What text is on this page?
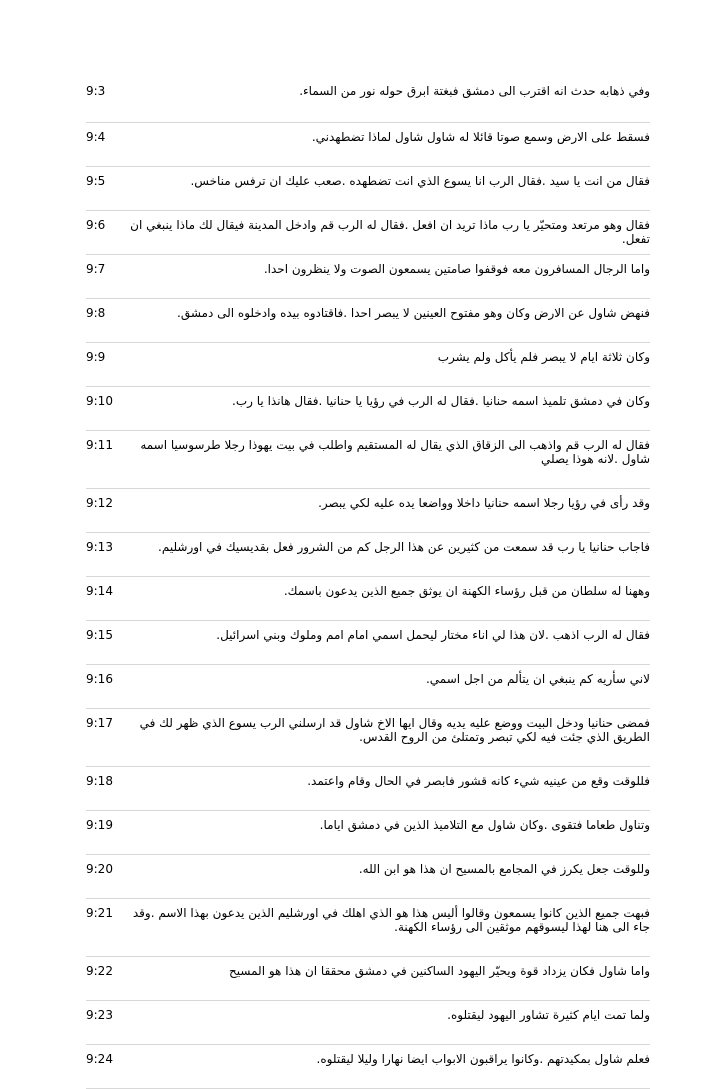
9:3	وفي ذهابه حدث انه اقترب الى دمشق فبغتة ابرق حوله نور من السماء.
9:4	فسقط على الارض وسمع صوتا قائلا له شاول شاول لماذا تضطهدني.
9:5	فقال من انت يا سيد .فقال الرب انا يسوع الذي انت تضطهده .صعب عليك ان ترفس مناخس.
9:6	فقال وهو مرتعد ومتحيّر يا رب ماذا تريد ان افعل .فقال له الرب قم وادخل المدينة فيقال لك ماذا ينبغي ان تفعل.
9:7	واما الرجال المسافرون معه فوقفوا صامتين يسمعون الصوت ولا ينظرون احدا.
9:8	فنهض شاول عن الارض وكان وهو مفتوح العينين لا يبصر احدا .فاقتادوه بيده وادخلوه الى دمشق.
9:9	وكان ثلاثة ايام لا يبصر فلم يأكل ولم يشرب
9:10	وكان في دمشق تلميذ اسمه حنانيا .فقال له الرب في رؤيا يا حنانيا .فقال هانذا يا رب.
9:11	فقال له الرب قم واذهب الى الزقاق الذي يقال له المستقيم واطلب في بيت يهوذا رجلا طرسوسيا اسمه شاول .لانه هوذا يصلي
9:12	وقد رأى في رؤيا رجلا اسمه حنانيا داخلا وواضعا يده عليه لكي يبصر.
9:13	فاجاب حنانيا يا رب قد سمعت من كثيرين عن هذا الرجل كم من الشرور فعل بقديسيك في اورشليم.
9:14	وههنا له سلطان من قبل رؤساء الكهنة ان يوثق جميع الذين يدعون باسمك.
9:15	فقال له الرب اذهب .لان هذا لي اناء مختار ليحمل اسمي امام امم وملوك وبني اسرائيل.
9:16	لاني سأريه كم ينبغي ان يتألم من اجل اسمي.
9:17	فمضى حنانيا ودخل البيت ووضع عليه يديه وقال ايها الاخ شاول قد ارسلني الرب يسوع الذي ظهر لك في الطريق الذي جئت فيه لكي تبصر وتمتلئ من الروح القدس.
9:18	فللوقت وقع من عينيه شيء كانه قشور فابصر في الحال وقام واعتمد.
9:19	وتناول طعاما فتقوى .وكان شاول مع التلاميذ الذين في دمشق اياما.
9:20	وللوقت جعل يكرز في المجامع بالمسيح ان هذا هو ابن الله.
9:21	فبهت جميع الذين كانوا يسمعون وقالوا أليس هذا هو الذي اهلك في اورشليم الذين يدعون بهذا الاسم .وقد جاء الى هنا لهذا ليسوقهم موثقين الى رؤساء الكهنة.
9:22	واما شاول فكان يزداد قوة ويحيّر اليهود الساكنين في دمشق محققا ان هذا هو المسيح
9:23	ولما تمت ايام كثيرة تشاور اليهود ليقتلوه.
9:24	فعلم شاول بمكيدتهم .وكانوا يراقبون الابواب ايضا نهارا وليلا ليقتلوه.
